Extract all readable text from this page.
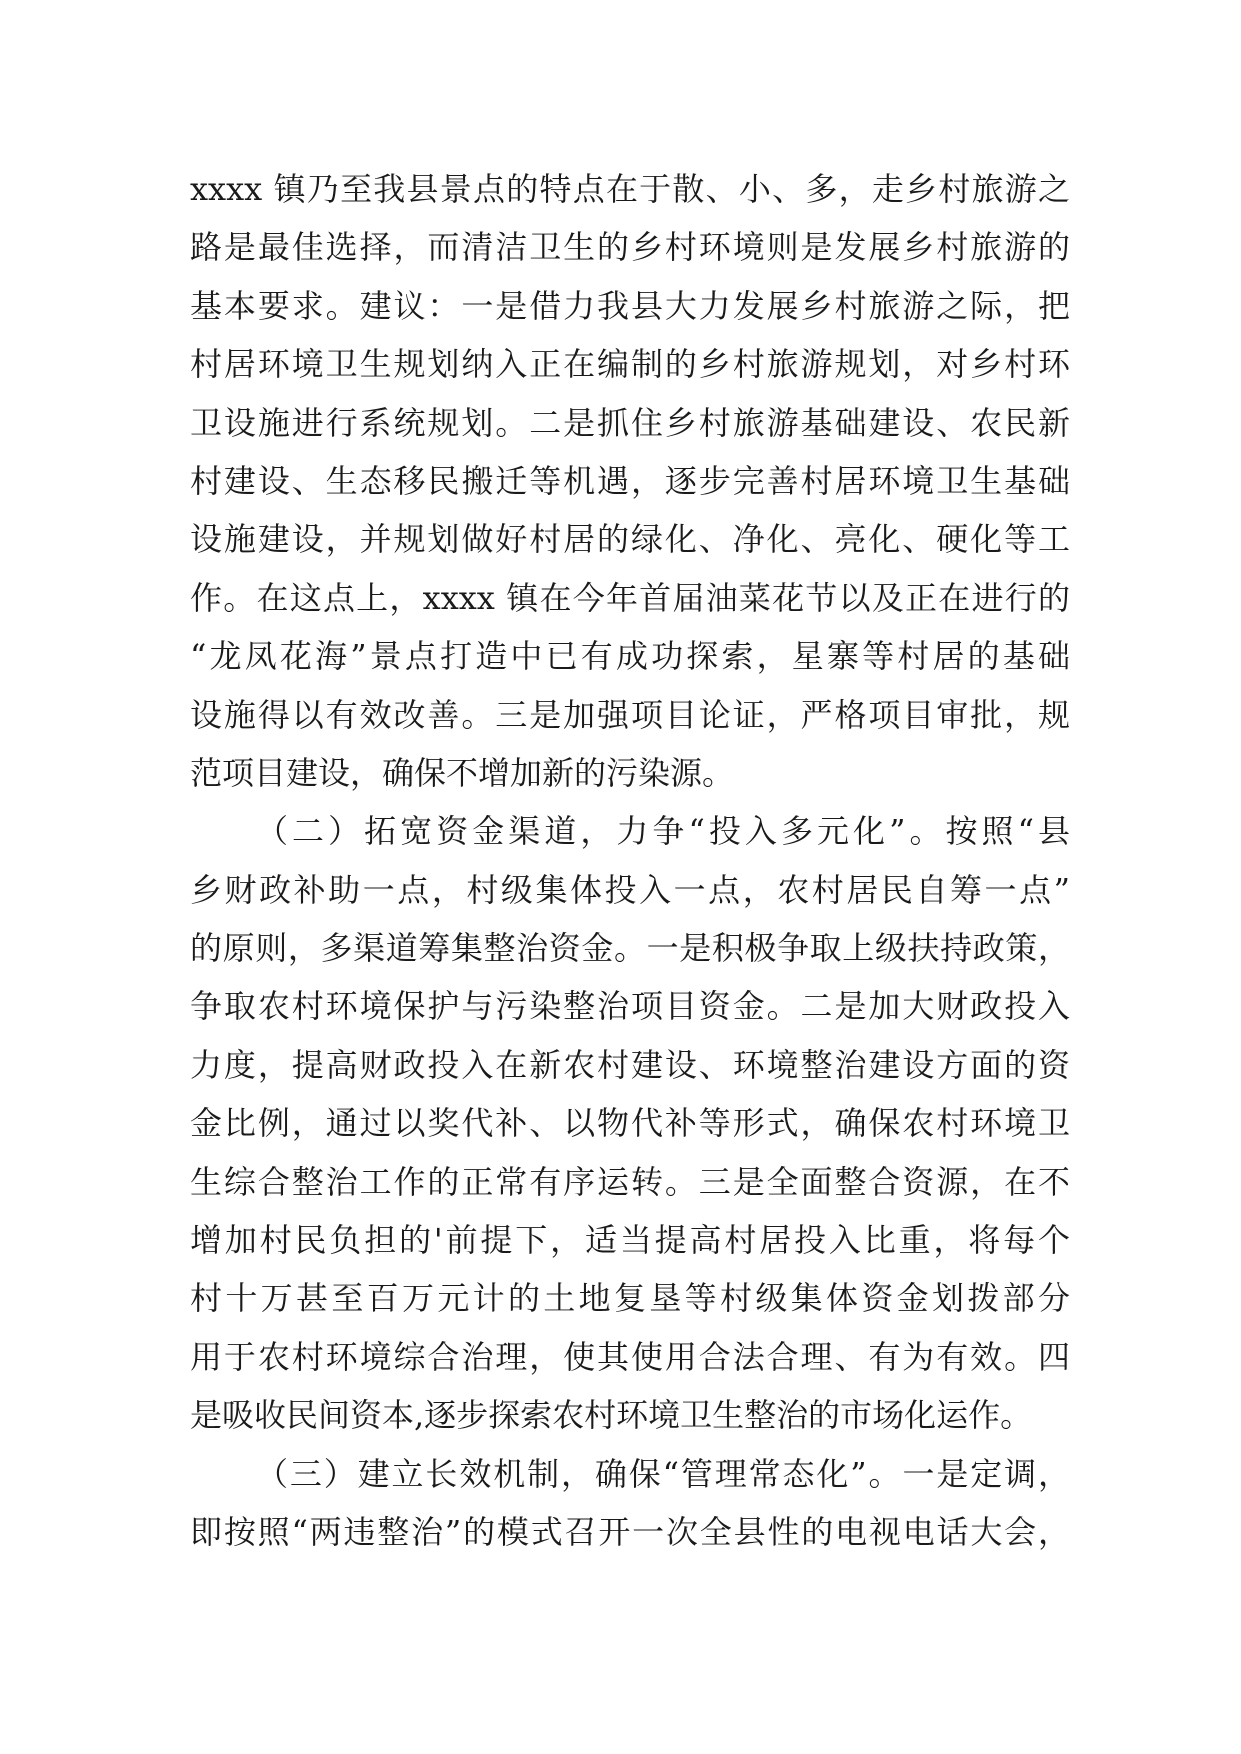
xxxx 镇乃至我县景点的特点在于散、小、多，走乡村旅游之
路是最佳选择，而清洁卫生的乡村环境则是发展乡村旅游的
基本要求。建议：一是借力我县大力发展乡村旅游之际，把
村居环境卫生规划纳入正在编制的乡村旅游规划，对乡村环
卫设施进行系统规划。二是抓住乡村旅游基础建设、农民新
村建设、生态移民搬迁等机遇，逐步完善村居环境卫生基础
设施建设，并规划做好村居的绿化、净化、亮化、硬化等工
作。在这点上，xxxx 镇在今年首届油菜花节以及正在进行的
“龙凤花海”景点打造中已有成功探索，星寨等村居的基础
设施得以有效改善。三是加强项目论证，严格项目审批，规
范项目建设，确保不增加新的污染源。
（二）拓宽资金渠道，力争“投入多元化”。按照“县
乡财政补助一点，村级集体投入一点，农村居民自筹一点”
的原则，多渠道筹集整治资金。一是积极争取上级扶持政策，
争取农村环境保护与污染整治项目资金。二是加大财政投入
力度，提高财政投入在新农村建设、环境整治建设方面的资
金比例，通过以奖代补、以物代补等形式，确保农村环境卫
生综合整治工作的正常有序运转。三是全面整合资源，在不
增加村民负担的'前提下，适当提高村居投入比重，将每个
村十万甚至百万元计的土地复垦等村级集体资金划拨部分
用于农村环境综合治理，使其使用合法合理、有为有效。四
是吸收民间资本,逐步探索农村环境卫生整治的市场化运作。
（三）建立长效机制，确保“管理常态化”。一是定调，
即按照“两违整治”的模式召开一次全县性的电视电话大会，
